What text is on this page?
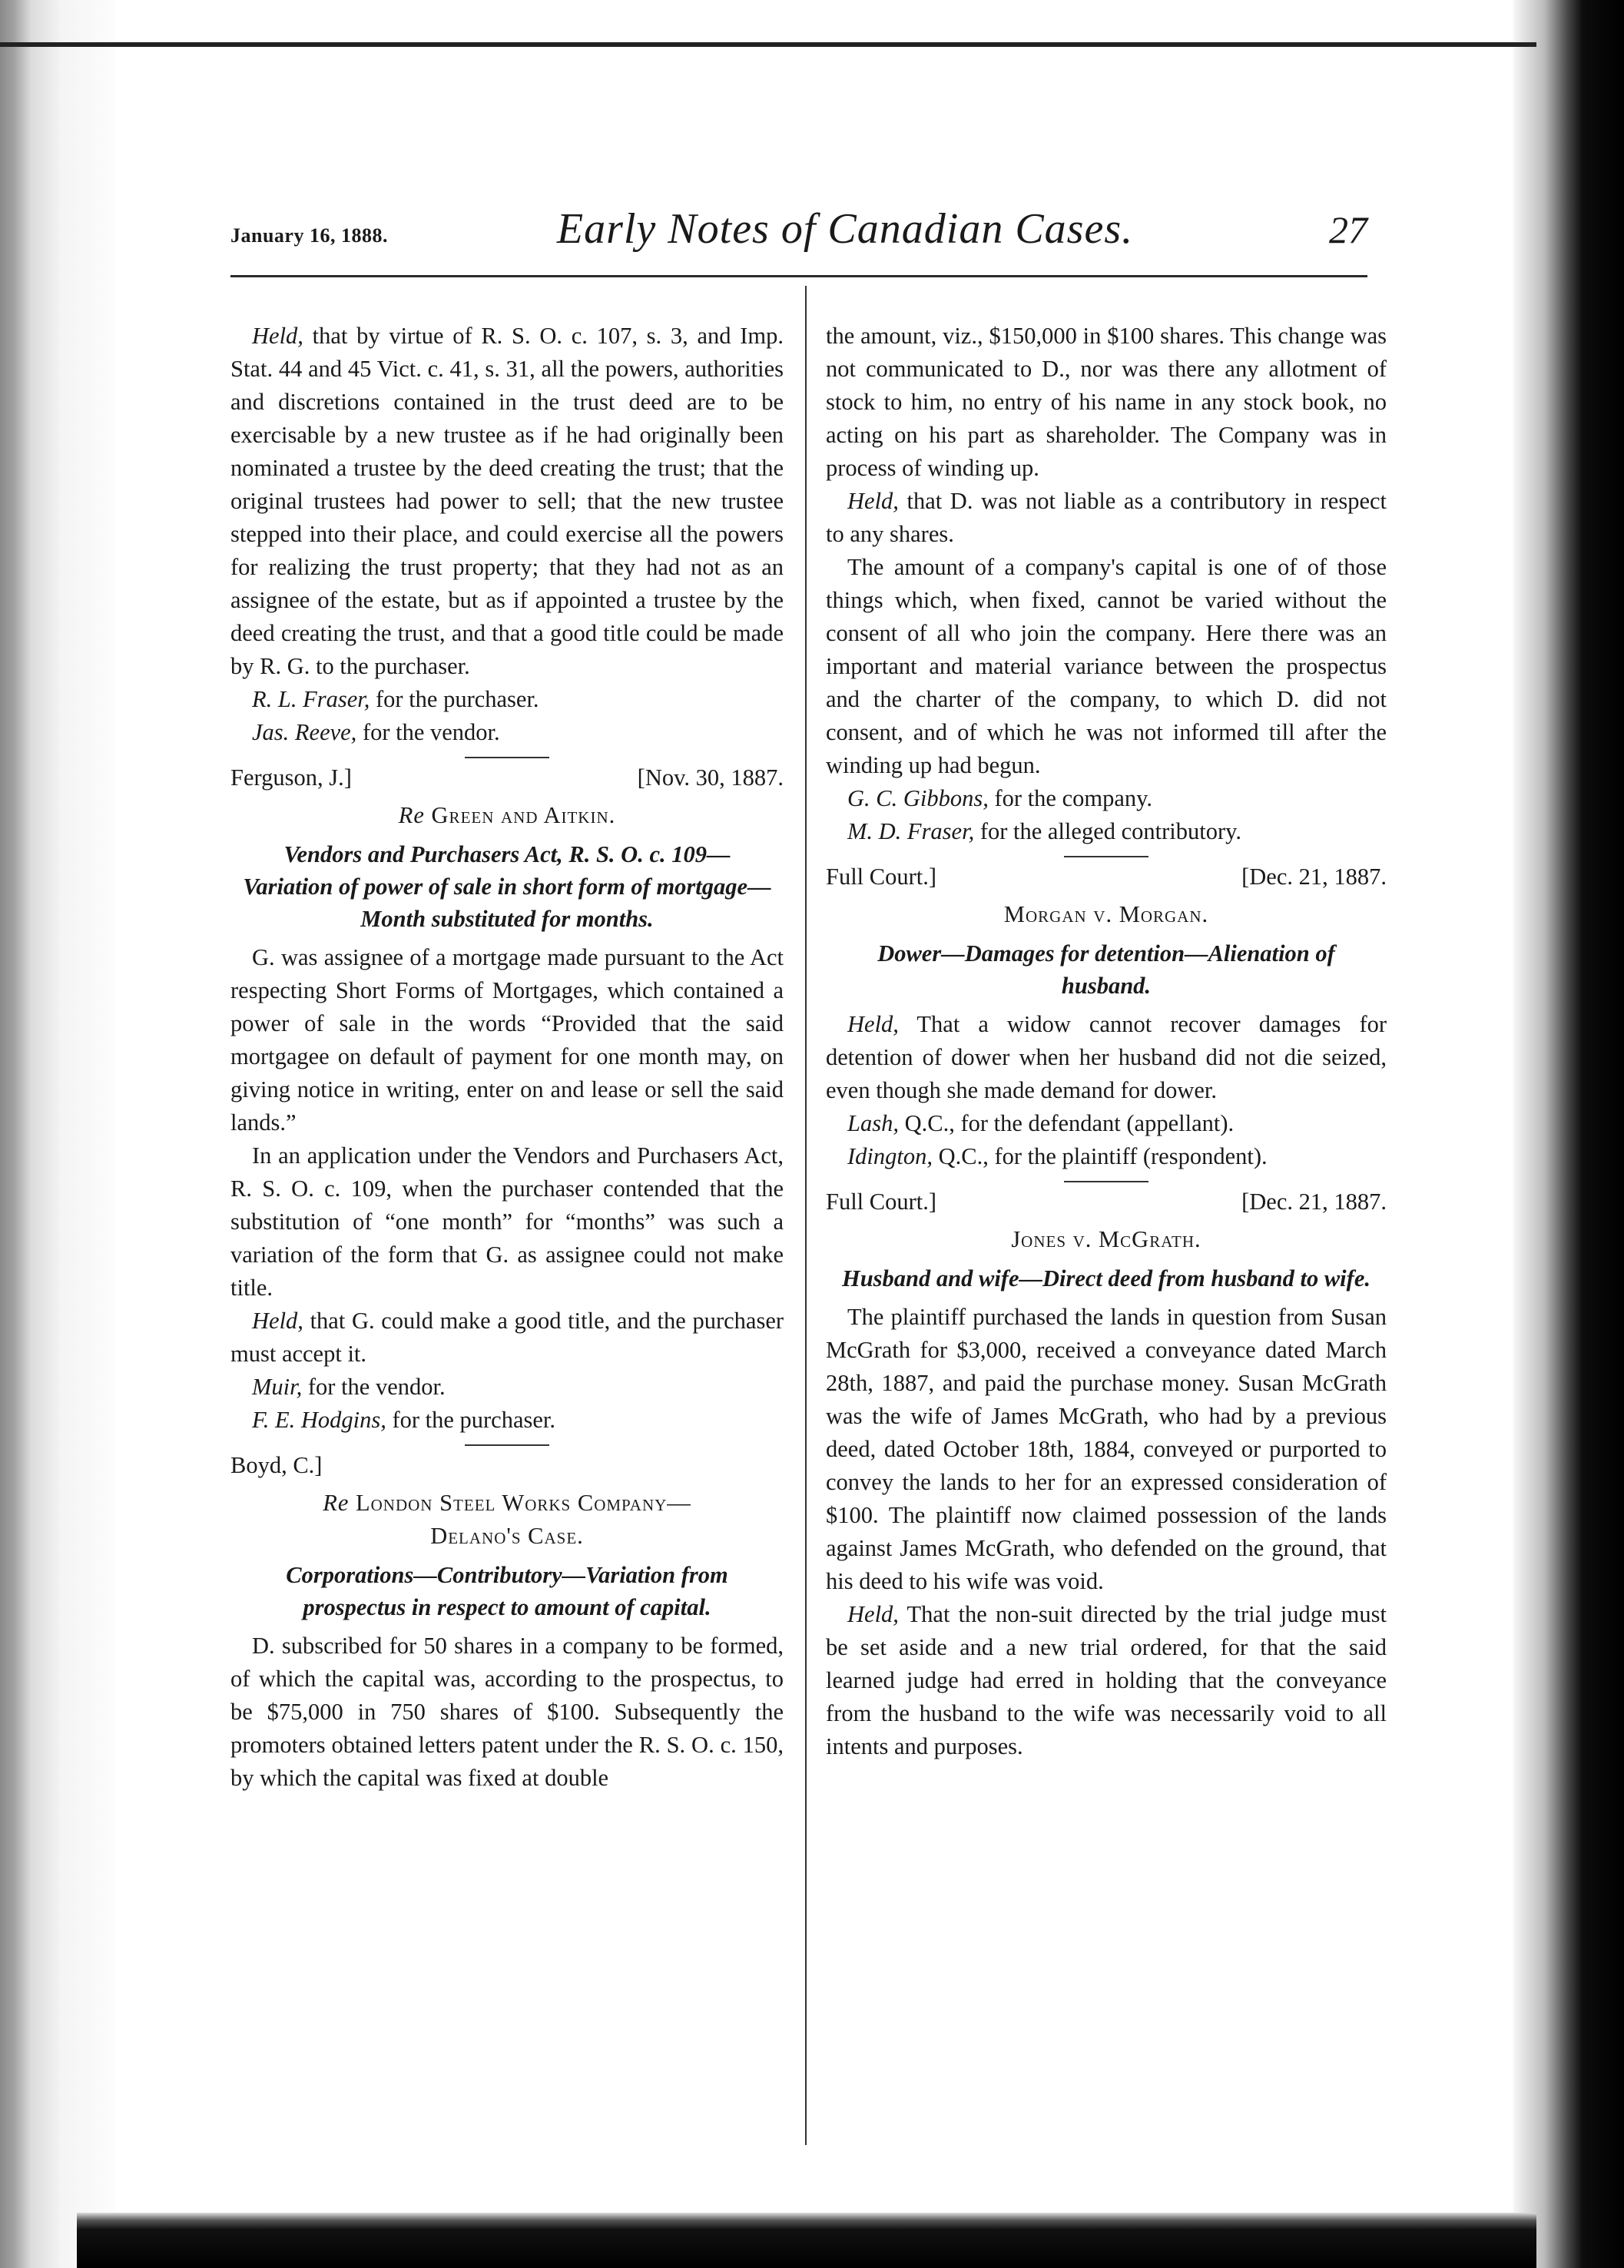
January 16, 1888.	Early Notes of Canadian Cases.	27

Held, that by virtue of R. S. O. c. 107, s. 3, and Imp. Stat. 44 and 45 Vict. c. 41, s. 31, all the powers, authorities and discretions contained in the trust deed are to be exercisable by a new trustee as if he had originally been nominated a trustee by the deed creating the trust; that the original trustees had power to sell; that the new trustee stepped into their place, and could exercise all the powers for realizing the trust property; that they had not as an assignee of the estate, but as if appointed a trustee by the deed creating the trust, and that a good title could be made by R. G. to the purchaser.

R. L. Fraser, for the purchaser.

Jas. Reeve, for the vendor.

Ferguson, J.]	[Nov. 30, 1887.
Re Green and Aitkin.
Vendors and Purchasers Act, R. S. O. c. 109— Variation of power of sale in short form of mortgage—Month substituted for months.

G. was assignee of a mortgage made pursuant to the Act respecting Short Forms of Mortgages, which contained a power of sale in the words “Provided that the said mortgagee on default of payment for one month may, on giving notice in writing, enter on and lease or sell the said lands.”

In an application under the Vendors and Purchasers Act, R. S. O. c. 109, when the purchaser contended that the substitution of “one month” for “months” was such a variation of the form that G. as assignee could not make title.

Held, that G. could make a good title, and the purchaser must accept it.

Muir, for the vendor.

F. E. Hodgins, for the purchaser.

Boyd, C.]
Re London Steel Works Company—
Delano's Case.
Corporations—Contributory—Variation from prospectus in respect to amount of capital.

D. subscribed for 50 shares in a company to be formed, of which the capital was, according to the prospectus, to be $75,000 in 750 shares of $100. Subsequently the promoters obtained letters patent under the R. S. O. c. 150, by which the capital was fixed at double

the amount, viz., $150,000 in $100 shares. This change was not communicated to D., nor was there any allotment of stock to him, no entry of his name in any stock book, no acting on his part as shareholder. The Company was in process of winding up.

Held, that D. was not liable as a contributory in respect to any shares.

The amount of a company's capital is one of of those things which, when fixed, cannot be varied without the consent of all who join the company. Here there was an important and material variance between the prospectus and the charter of the company, to which D. did not consent, and of which he was not informed till after the winding up had begun.

G. C. Gibbons, for the company.

M. D. Fraser, for the alleged contributory.

Full Court.]	[Dec. 21, 1887.
Morgan v. Morgan.
Dower—Damages for detention—Alienation of husband.

Held, That a widow cannot recover damages for detention of dower when her husband did not die seized, even though she made demand for dower.

Lash, Q.C., for the defendant (appellant).

Idington, Q.C., for the plaintiff (respondent).

Full Court.]	[Dec. 21, 1887.
Jones v. McGrath.
Husband and wife—Direct deed from husband to wife.

The plaintiff purchased the lands in question from Susan McGrath for $3,000, received a conveyance dated March 28th, 1887, and paid the purchase money. Susan McGrath was the wife of James McGrath, who had by a previous deed, dated October 18th, 1884, conveyed or purported to convey the lands to her for an expressed consideration of $100. The plaintiff now claimed possession of the lands against James McGrath, who defended on the ground, that his deed to his wife was void.

Held, That the non-suit directed by the trial judge must be set aside and a new trial ordered, for that the said learned judge had erred in holding that the conveyance from the husband to the wife was necessarily void to all intents and purposes.
